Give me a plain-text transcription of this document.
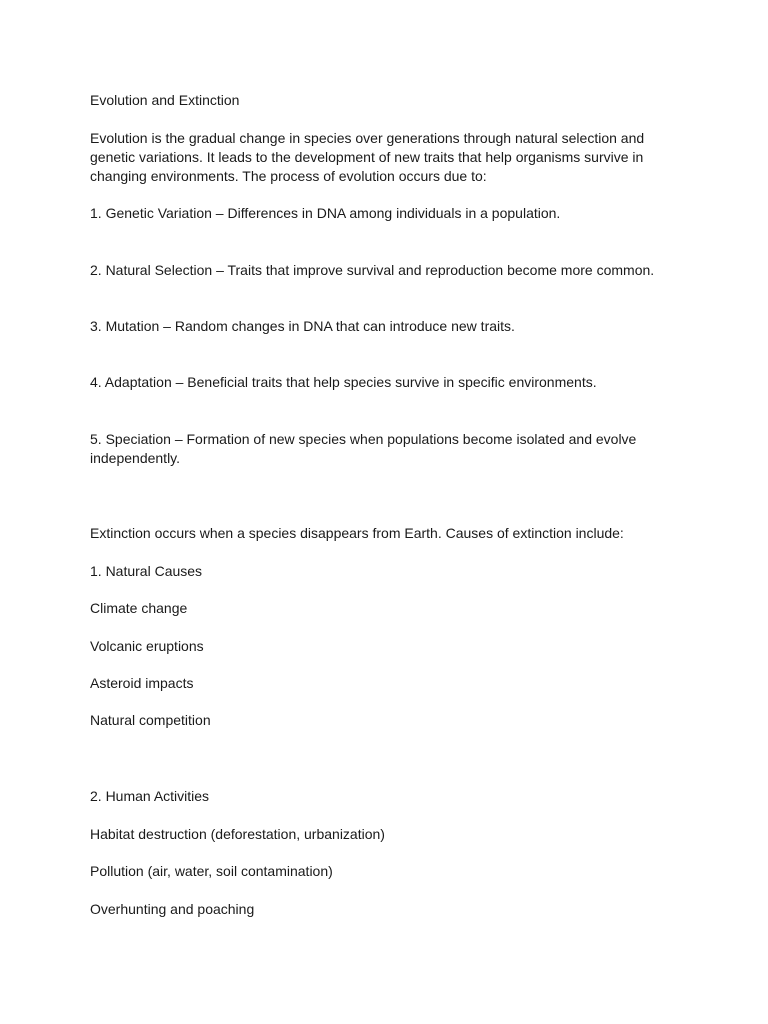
Evolution and Extinction

Evolution is the gradual change in species over generations through natural selection and genetic variations. It leads to the development of new traits that help organisms survive in changing environments. The process of evolution occurs due to:

1. Genetic Variation – Differences in DNA among individuals in a population.

2. Natural Selection – Traits that improve survival and reproduction become more common.

3. Mutation – Random changes in DNA that can introduce new traits.

4. Adaptation – Beneficial traits that help species survive in specific environments.

5. Speciation – Formation of new species when populations become isolated and evolve independently.

Extinction occurs when a species disappears from Earth. Causes of extinction include:

1. Natural Causes

Climate change

Volcanic eruptions

Asteroid impacts

Natural competition

2. Human Activities

Habitat destruction (deforestation, urbanization)

Pollution (air, water, soil contamination)

Overhunting and poaching
